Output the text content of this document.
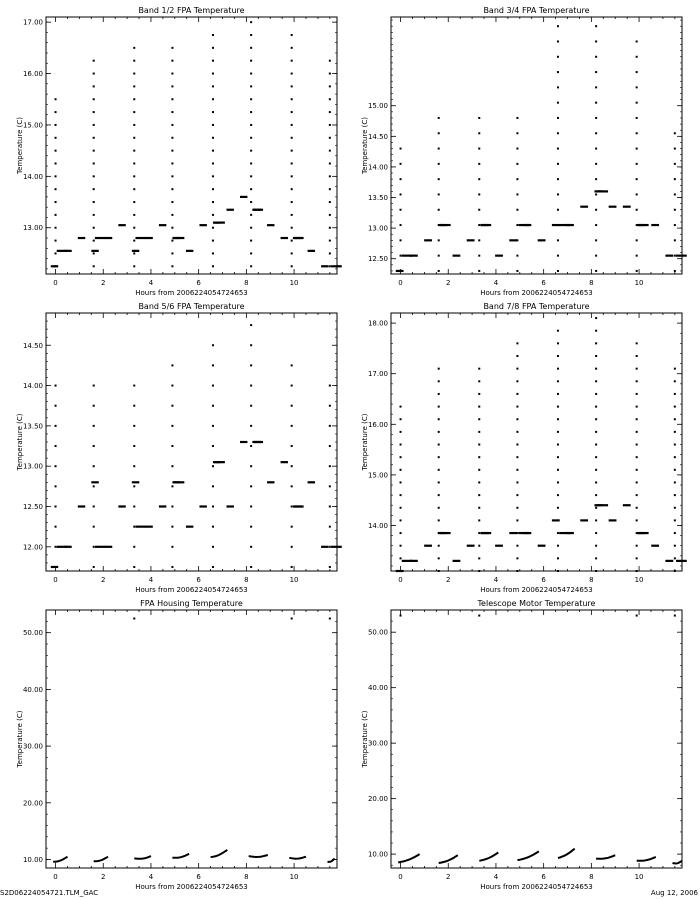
Band 1/2 FPA Temperature
Hours from 2006224054724653
Temperature (C)
0	2	4	6	8	10
13.00
14.00
15.00
16.00
17.00
Band 3/4 FPA Temperature
Hours from 2006224054724653
Temperature (C)
0	2	4	6	8	10
12.50
13.00
13.50
14.00
14.50
15.00
Band 5/6 FPA Temperature
Hours from 2006224054724653
Temperature (C)
0	2	4	6	8	10
12.00
12.50
13.00
13.50
14.00
14.50
Band 7/8 FPA Temperature
Hours from 2006224054724653
Temperature (C)
0	2	4	6	8	10
14.00
15.00
16.00
17.00
18.00
FPA Housing Temperature
Hours from 2006224054724653
Temperature (C)
0	2	4	6	8	10
10.00
20.00
30.00
40.00
50.00
Telescope Motor Temperature
Hours from 2006224054724653
Temperature (C)
0	2	4	6	8	10
10.00
20.00
30.00
40.00
50.00
S2D06224054721.TLM_GAC	Aug 12, 2006
